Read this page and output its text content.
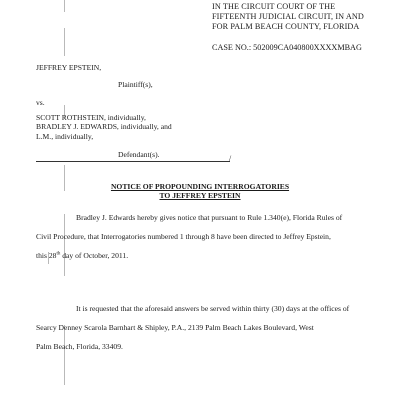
IN THE CIRCUIT COURT OF THE
FIFTEENTH JUDICIAL CIRCUIT, IN AND
FOR PALM BEACH COUNTY, FLORIDA
CASE NO.: 502009CA040800XXXXMBAG
JEFFREY EPSTEIN,
Plaintiff(s),
vs.
SCOTT ROTHSTEIN, individually,
BRADLEY J. EDWARDS, individually, and
L.M., individually,
Defendant(s).	/
NOTICE OF PROPOUNDING INTERROGATORIES
TO JEFFREY EPSTEIN
Bradley J. Edwards hereby gives notice that pursuant to Rule 1.340(e), Florida Rules of
Civil Procedure, that Interrogatories numbered 1 through 8 have been directed to Jeffrey Epstein,
this 28th day of October, 2011.
It is requested that the aforesaid answers be served within thirty (30) days at the offices of
Searcy Denney Scarola Barnhart & Shipley, P.A., 2139 Palm Beach Lakes Boulevard, West
Palm Beach, Florida, 33409.
